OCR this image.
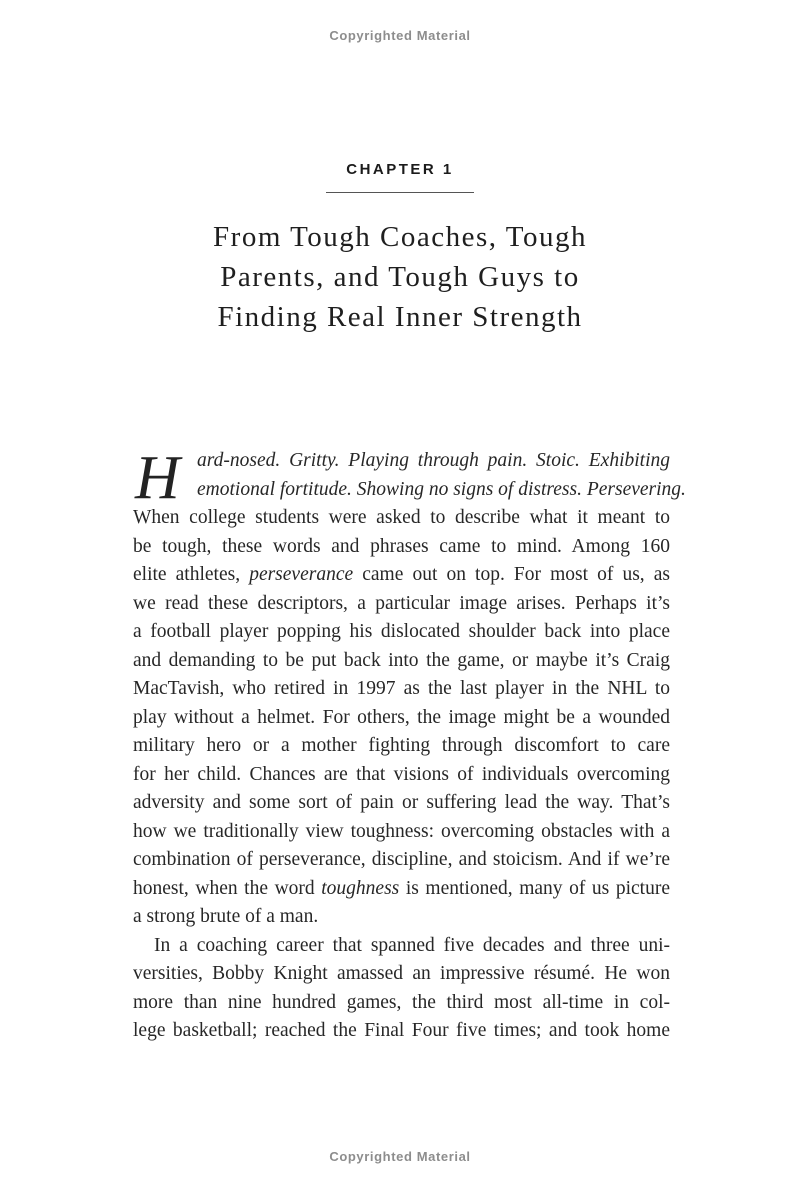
Copyrighted Material
CHAPTER 1
From Tough Coaches, Tough
Parents, and Tough Guys to
Finding Real Inner Strength
H ard-nosed. Gritty. Playing through pain. Stoic. Exhibiting
emotional fortitude. Showing no signs of distress. Persevering.
When college students were asked to describe what it meant to
be tough, these words and phrases came to mind. Among 160
elite athletes, perseverance came out on top. For most of us, as
we read these descriptors, a particular image arises. Perhaps it’s
a football player popping his dislocated shoulder back into place
and demanding to be put back into the game, or maybe it’s Craig
MacTavish, who retired in 1997 as the last player in the NHL to
play without a helmet. For others, the image might be a wounded
military hero or a mother fighting through discomfort to care
for her child. Chances are that visions of individuals overcoming
adversity and some sort of pain or suffering lead the way. That’s
how we traditionally view toughness: overcoming obstacles with a
combination of perseverance, discipline, and stoicism. And if we’re
honest, when the word toughness is mentioned, many of us picture
a strong brute of a man.
In a coaching career that spanned five decades and three uni-
versities, Bobby Knight amassed an impressive résumé. He won
more than nine hundred games, the third most all-time in col-
lege basketball; reached the Final Four five times; and took home
Copyrighted Material
